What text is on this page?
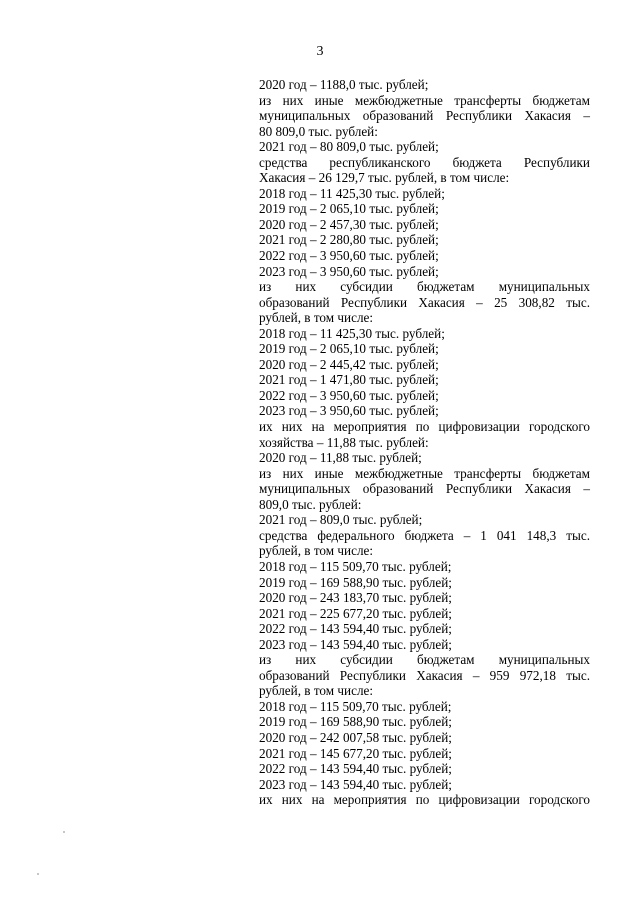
3
2020 год – 1188,0 тыс. рублей;
из них иные межбюджетные трансферты бюджетам
муниципальных образований Республики Хакасия –
80 809,0 тыс. рублей:
2021 год – 80 809,0 тыс. рублей;
средства республиканского бюджета Республики
Хакасия – 26 129,7 тыс. рублей, в том числе:
2018 год – 11 425,30 тыс. рублей;
2019 год – 2 065,10 тыс. рублей;
2020 год – 2 457,30 тыс. рублей;
2021 год – 2 280,80 тыс. рублей;
2022 год – 3 950,60 тыс. рублей;
2023 год – 3 950,60 тыс. рублей;
из них субсидии бюджетам муниципальных
образований Республики Хакасия – 25 308,82 тыс.
рублей, в том числе:
2018 год – 11 425,30 тыс. рублей;
2019 год – 2 065,10 тыс. рублей;
2020 год – 2 445,42 тыс. рублей;
2021 год – 1 471,80 тыс. рублей;
2022 год – 3 950,60 тыс. рублей;
2023 год – 3 950,60 тыс. рублей;
их них на мероприятия по цифровизации городского
хозяйства – 11,88 тыс. рублей:
2020 год – 11,88 тыс. рублей;
из них иные межбюджетные трансферты бюджетам
муниципальных образований Республики Хакасия –
809,0 тыс. рублей:
2021 год – 809,0 тыс. рублей;
средства федерального бюджета – 1 041 148,3 тыс.
рублей, в том числе:
2018 год – 115 509,70 тыс. рублей;
2019 год – 169 588,90 тыс. рублей;
2020 год – 243 183,70 тыс. рублей;
2021 год – 225 677,20 тыс. рублей;
2022 год – 143 594,40 тыс. рублей;
2023 год – 143 594,40 тыс. рублей;
из них субсидии бюджетам муниципальных
образований Республики Хакасия – 959 972,18 тыс.
рублей, в том числе:
2018 год – 115 509,70 тыс. рублей;
2019 год – 169 588,90 тыс. рублей;
2020 год – 242 007,58 тыс. рублей;
2021 год – 145 677,20 тыс. рублей;
2022 год – 143 594,40 тыс. рублей;
2023 год – 143 594,40 тыс. рублей;
их них на мероприятия по цифровизации городского
